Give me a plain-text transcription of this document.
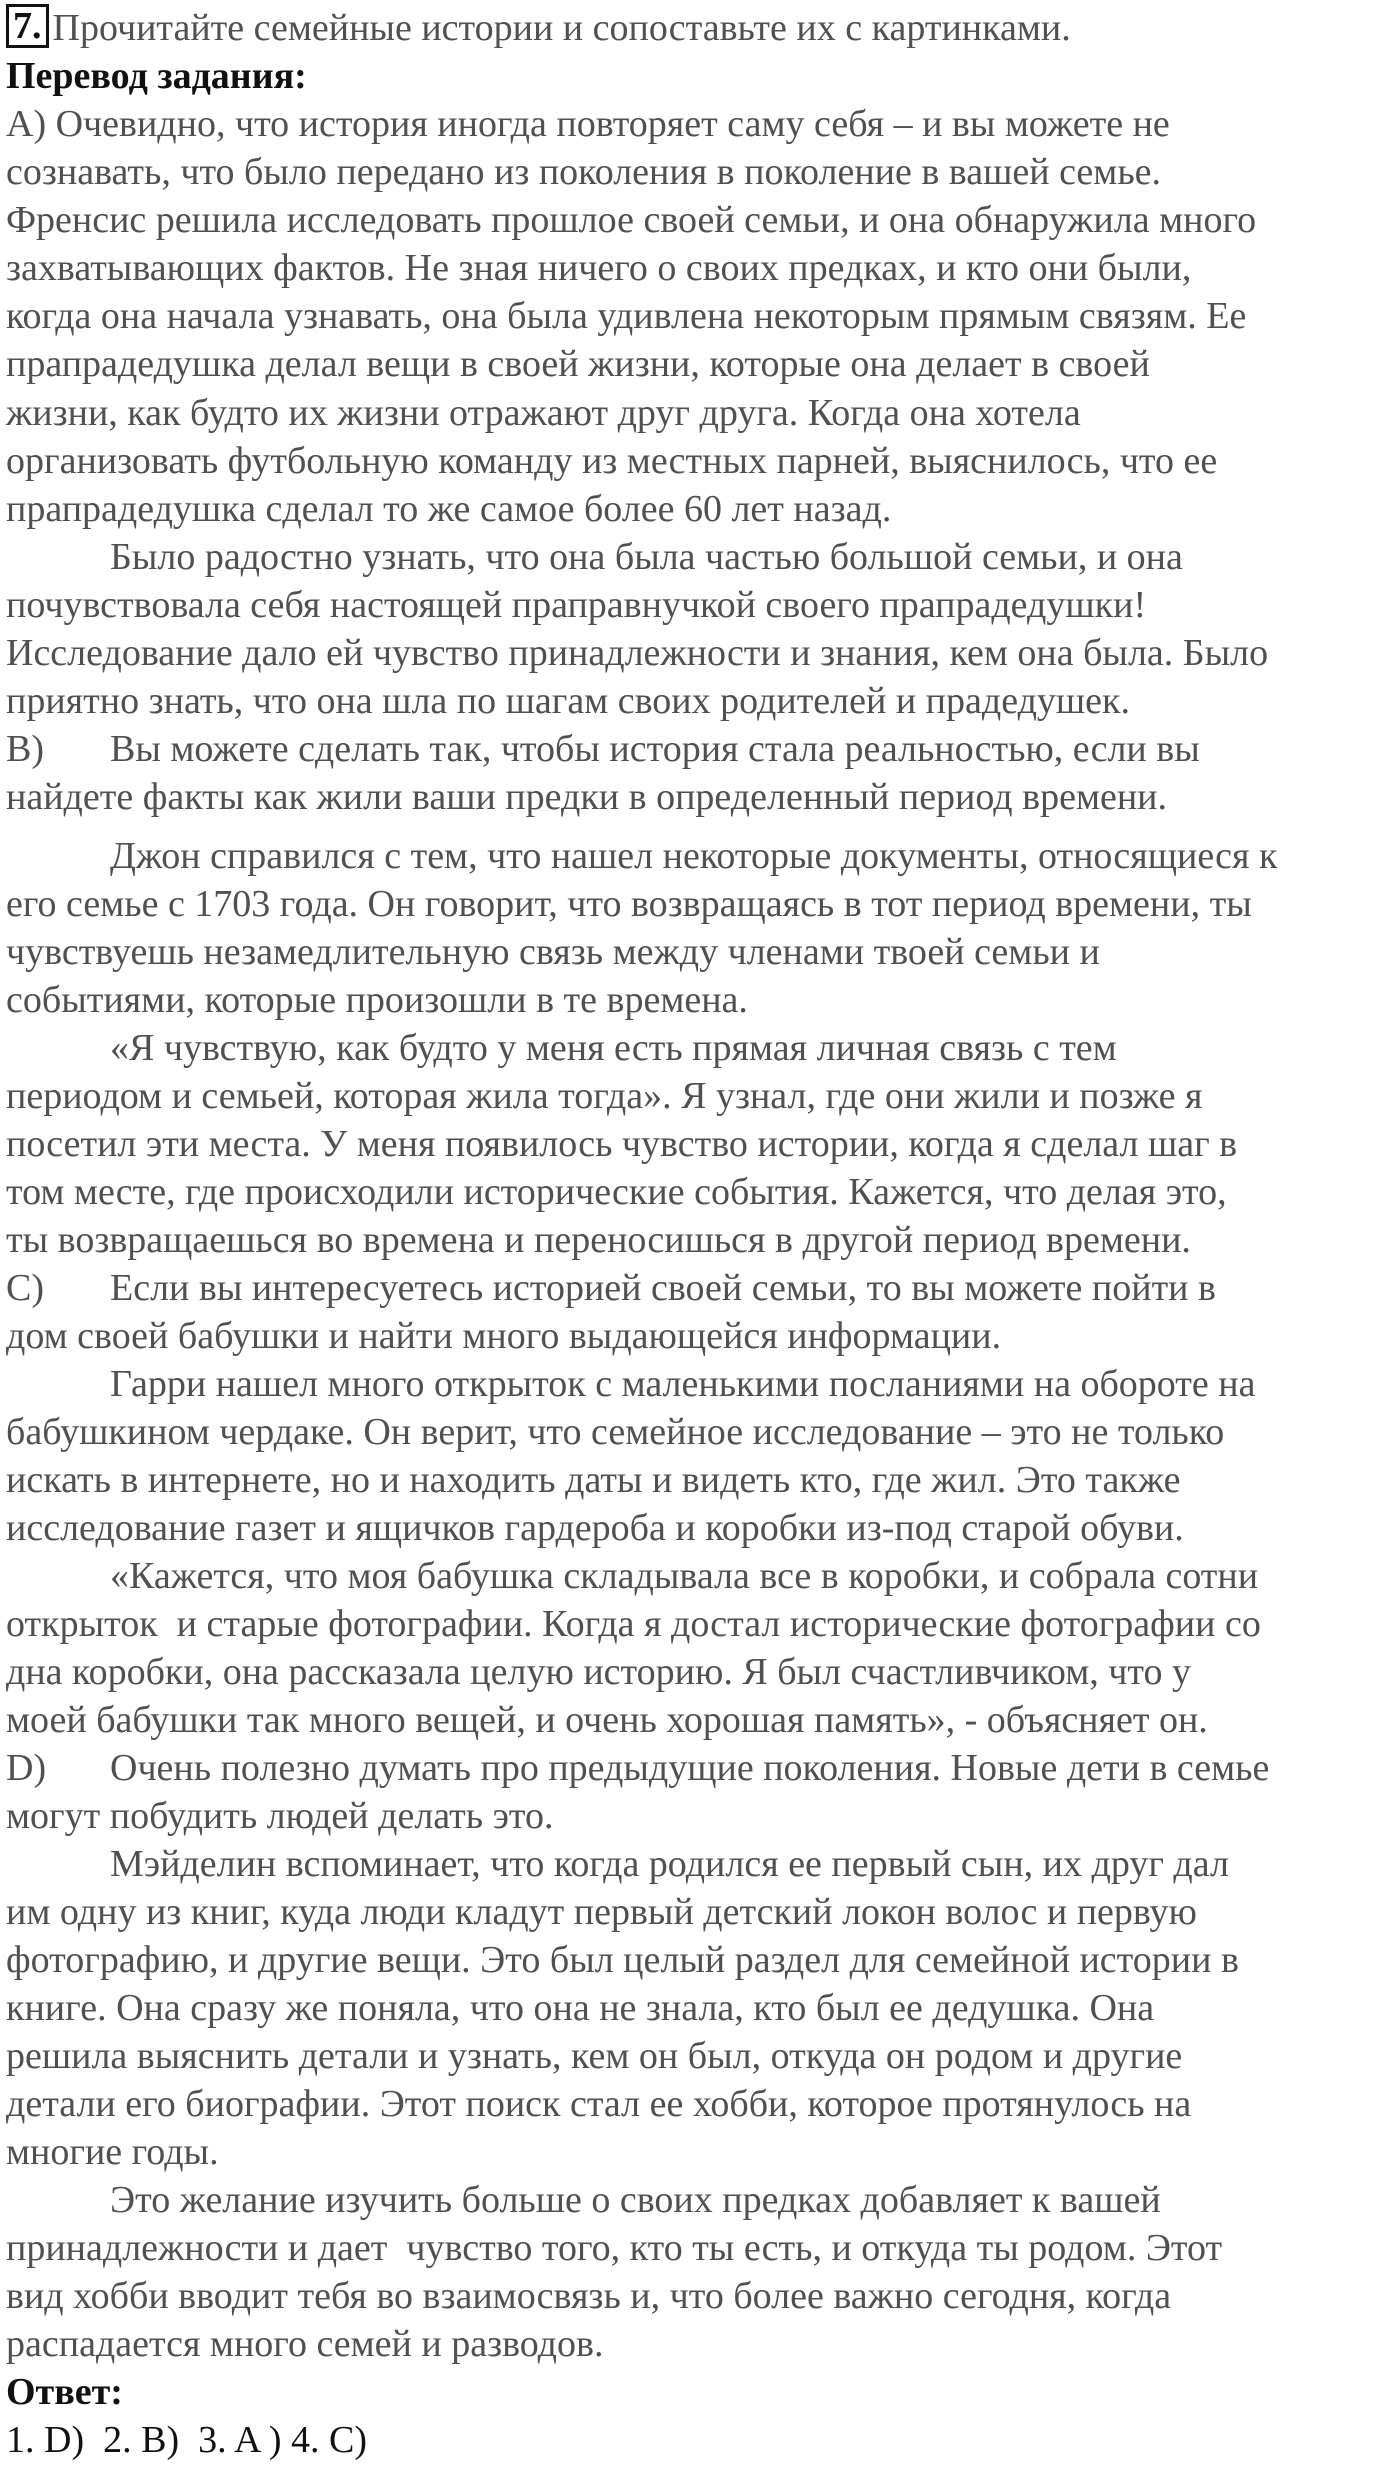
7. Прочитайте семейные истории и сопоставьте их с картинками.
Перевод задания:
А) Очевидно, что история иногда повторяет саму себя – и вы можете не
сознавать, что было передано из поколения в поколение в вашей семье.
Френсис решила исследовать прошлое своей семьи, и она обнаружила много
захватывающих фактов. Не зная ничего о своих предках, и кто они были,
когда она начала узнавать, она была удивлена некоторым прямым связям. Ее
прапрадедушка делал вещи в своей жизни, которые она делает в своей
жизни, как будто их жизни отражают друг друга. Когда она хотела
организовать футбольную команду из местных парней, выяснилось, что ее
прапрадедушка сделал то же самое более 60 лет назад.
Было радостно узнать, что она была частью большой семьи, и она
почувствовала себя настоящей праправнучкой своего прапрадедушки!
Исследование дало ей чувство принадлежности и знания, кем она была. Было
приятно знать, что она шла по шагам своих родителей и прадедушек.
В) Вы можете сделать так, чтобы история стала реальностью, если вы
найдете факты как жили ваши предки в определенный период времени.
Джон справился с тем, что нашел некоторые документы, относящиеся к
его семье с 1703 года. Он говорит, что возвращаясь в тот период времени, ты
чувствуешь незамедлительную связь между членами твоей семьи и
событиями, которые произошли в те времена.
«Я чувствую, как будто у меня есть прямая личная связь с тем
периодом и семьей, которая жила тогда». Я узнал, где они жили и позже я
посетил эти места. У меня появилось чувство истории, когда я сделал шаг в
том месте, где происходили исторические события. Кажется, что делая это,
ты возвращаешься во времена и переносишься в другой период времени.
С) Если вы интересуетесь историей своей семьи, то вы можете пойти в
дом своей бабушки и найти много выдающейся информации.
Гарри нашел много открыток с маленькими посланиями на обороте на
бабушкином чердаке. Он верит, что семейное исследование – это не только
искать в интернете, но и находить даты и видеть кто, где жил. Это также
исследование газет и ящичков гардероба и коробки из-под старой обуви.
«Кажется, что моя бабушка складывала все в коробки, и собрала сотни
открыток  и старые фотографии. Когда я достал исторические фотографии со
дна коробки, она рассказала целую историю. Я был счастливчиком, что у
моей бабушки так много вещей, и очень хорошая память», - объясняет он.
D) Очень полезно думать про предыдущие поколения. Новые дети в семье
могут побудить людей делать это.
Мэйделин вспоминает, что когда родился ее первый сын, их друг дал
им одну из книг, куда люди кладут первый детский локон волос и первую
фотографию, и другие вещи. Это был целый раздел для семейной истории в
книге. Она сразу же поняла, что она не знала, кто был ее дедушка. Она
решила выяснить детали и узнать, кем он был, откуда он родом и другие
детали его биографии. Этот поиск стал ее хобби, которое протянулось на
многие годы.
Это желание изучить больше о своих предках добавляет к вашей
принадлежности и дает  чувство того, кто ты есть, и откуда ты родом. Этот
вид хобби вводит тебя во взаимосвязь и, что более важно сегодня, когда
распадается много семей и разводов.
Ответ:
1. D)  2. B)  3. A ) 4. C)
